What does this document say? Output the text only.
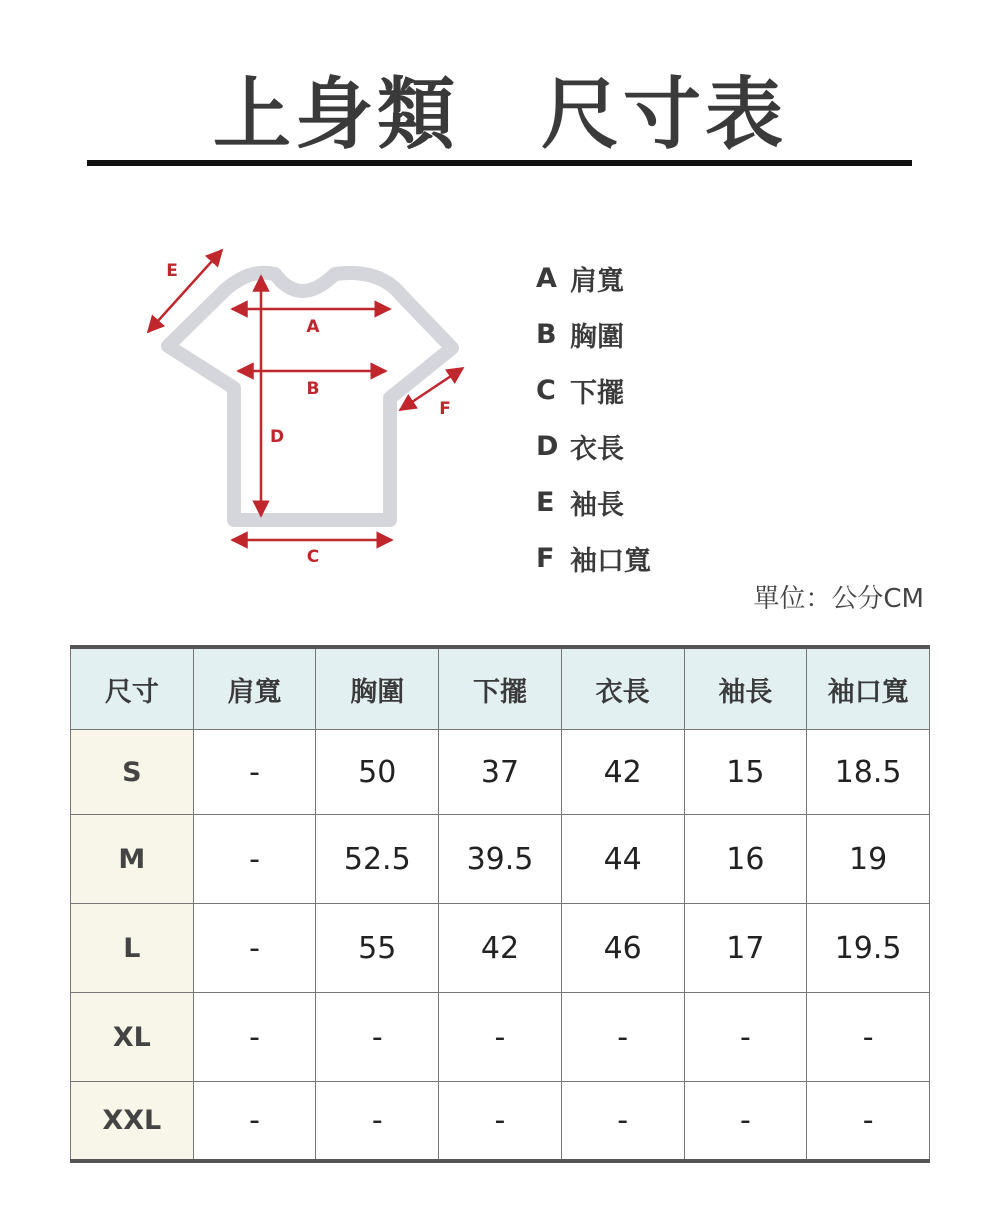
上身類　尺寸表
A
B
C
D
E
F
A 肩寬
B 胸圍
C 下擺
D 衣長
E 袖長
F 袖口寬
單位：公分CM
尺寸	肩寬	胸圍	下擺	衣長	袖長	袖口寬
S	-	50	37	42	15	18.5
M	-	52.5	39.5	44	16	19
L	-	55	42	46	17	19.5
XL	-	-	-	-	-	-
XXL	-	-	-	-	-	-
